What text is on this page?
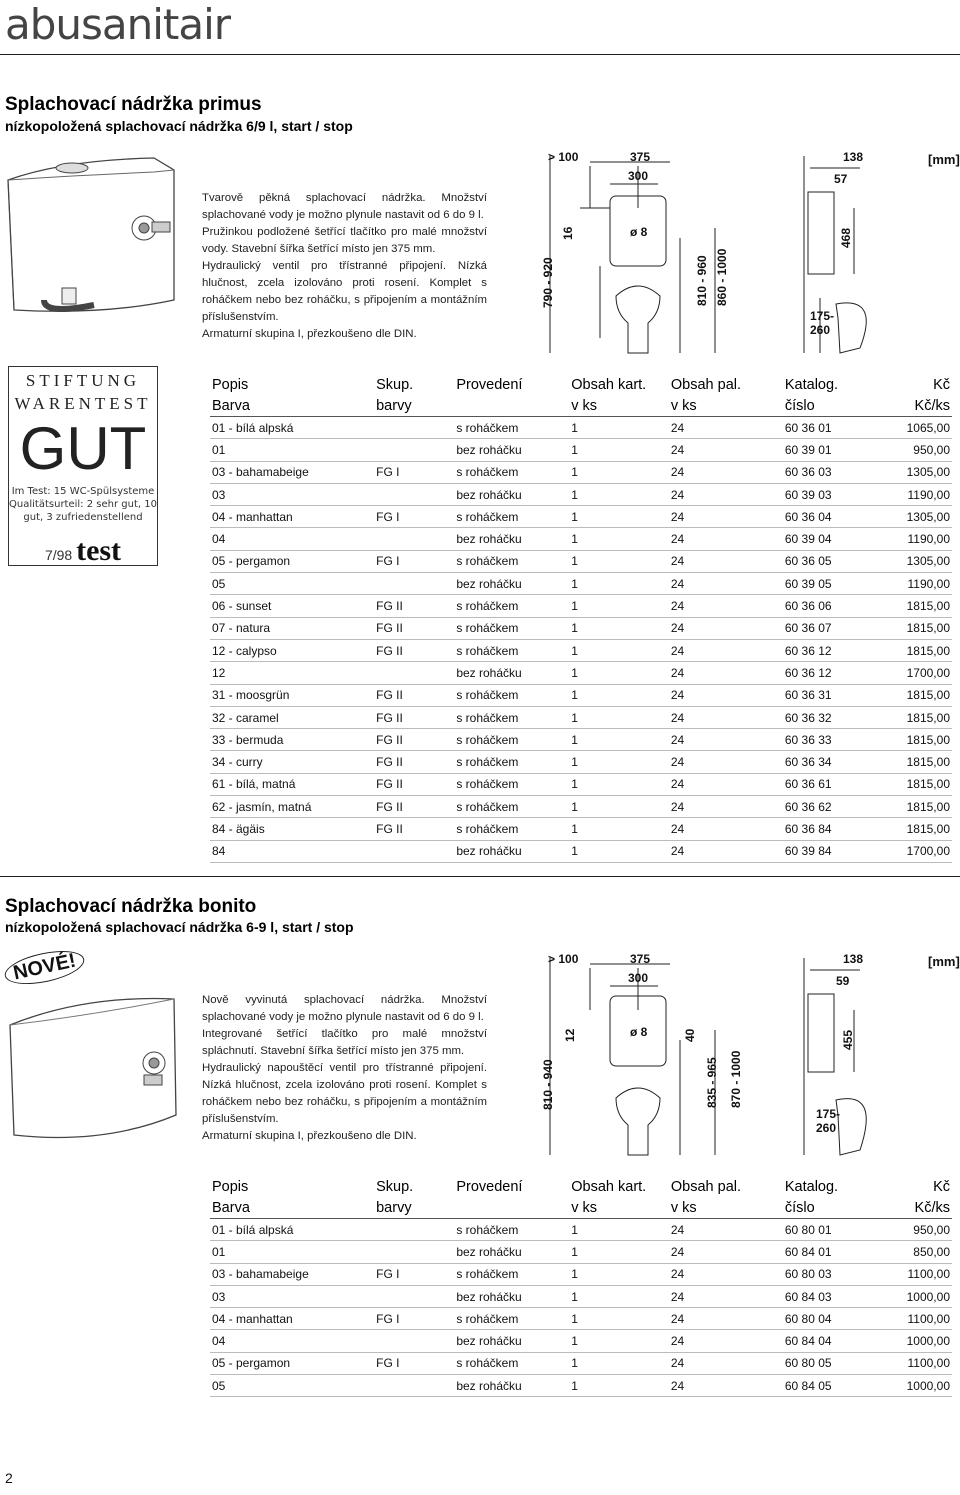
abusanitair
Splachovací nádržka primus
nízkopoložená splachovací nádržka 6/9 l, start / stop

Tvarově pěkná splachovací nádržka. Množství splachované vody je možno plynule nastavit od 6 do 9 l.

Pružinkou podložené šetřící tlačítko pro malé množství vody. Stavební šířka šetřící místo jen 375 mm.

Hydraulický ventil pro třístranné připojení. Nízká hlučnost, zcela izolováno proti rosení. Komplet s roháčkem nebo bez roháčku, s připojením a montážním příslušenstvím.

Armaturní skupina I, přezkoušeno dle DIN.

> 100	375
300
ø 8
16
790 - 920	810 - 960 860 - 1000
138
57
468
175-260
[mm]
STIFTUNG
WARENTEST
GUT
Im Test: 15 WC-Spülsysteme Qualitätsurteil: 2 sehr gut, 10 gut, 3 zufriedenstellend
7/98 test
Popis	Skup.	Provedení	Obsah kart.	Obsah pal.	Katalog.	Kč
Barva	barvy		v ks	v ks	číslo	Kč/ks
01 - bílá alpská		s roháčkem	1	24	60 36 01	1065,00
01		bez roháčku	1	24	60 39 01	950,00
03 - bahamabeige	FG I	s roháčkem	1	24	60 36 03	1305,00
03		bez roháčku	1	24	60 39 03	1190,00
04 - manhattan	FG I	s roháčkem	1	24	60 36 04	1305,00
04		bez roháčku	1	24	60 39 04	1190,00
05 - pergamon	FG I	s roháčkem	1	24	60 36 05	1305,00
05		bez roháčku	1	24	60 39 05	1190,00
06 - sunset	FG II	s roháčkem	1	24	60 36 06	1815,00
07 - natura	FG II	s roháčkem	1	24	60 36 07	1815,00
12 - calypso	FG II	s roháčkem	1	24	60 36 12	1815,00
12		bez roháčku	1	24	60 36 12	1700,00
31 - moosgrün	FG II	s roháčkem	1	24	60 36 31	1815,00
32 - caramel	FG II	s roháčkem	1	24	60 36 32	1815,00
33 - bermuda	FG II	s roháčkem	1	24	60 36 33	1815,00
34 - curry	FG II	s roháčkem	1	24	60 36 34	1815,00
61 - bílá, matná	FG II	s roháčkem	1	24	60 36 61	1815,00
62 - jasmín, matná	FG II	s roháčkem	1	24	60 36 62	1815,00
84 - ägäis	FG II	s roháčkem	1	24	60 36 84	1815,00
84		bez roháčku	1	24	60 39 84	1700,00
Splachovací nádržka bonito
nízkopoložená splachovací nádržka 6-9 l, start / stop
NOVÉ!

Nově vyvinutá splachovací nádržka. Množství splachované vody je možno plynule nastavit od 6 do 9 l.

Integrované šetřící tlačítko pro malé množství spláchnutí. Stavební šířka šetřící místo jen 375 mm.

Hydraulický napouštěcí ventil pro třístranné připojení. Nízká hlučnost, zcela izolováno proti rosení. Komplet s roháčkem nebo bez roháčku, s připojením a montážním příslušenstvím.

Armaturní skupina I, přezkoušeno dle DIN.

> 100	375
300
ø 8
12
810 - 940
40
835 - 965 870 - 1000
138
59
455
175-260
[mm]
Popis	Skup.	Provedení	Obsah kart.	Obsah pal.	Katalog.	Kč
Barva	barvy		v ks	v ks	číslo	Kč/ks
01 - bílá alpská		s roháčkem	1	24	60 80 01	950,00
01		bez roháčku	1	24	60 84 01	850,00
03 - bahamabeige	FG I	s roháčkem	1	24	60 80 03	1100,00
03		bez roháčku	1	24	60 84 03	1000,00
04 - manhattan	FG I	s roháčkem	1	24	60 80 04	1100,00
04		bez roháčku	1	24	60 84 04	1000,00
05 - pergamon	FG I	s roháčkem	1	24	60 80 05	1100,00
05		bez roháčku	1	24	60 84 05	1000,00
2
